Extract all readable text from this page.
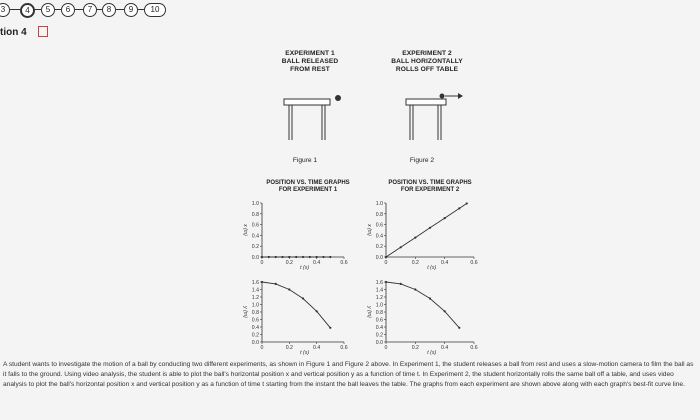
3	4	5	6	7	8	9	10
tion 4
EXPERIMENT 1
BALL RELEASED
FROM REST
EXPERIMENT 2
BALL HORIZONTALLY
ROLLS OFF TABLE
Figure 1	Figure 2
POSITION VS. TIME GRAPHS
FOR EXPERIMENT 1
POSITION VS. TIME GRAPHS
FOR EXPERIMENT 2
0.0
0.2
0.4
0.6
0.8
1.0
0	0.2	0.4	0.6
t (s)
x (m)
0.0
0.2
0.4
0.6
0.8
1.0
0	0.2	0.4	0.6
t (s)
x (m)
0.0
0.2
0.4
0.6
0.8
1.0
1.2
1.4
1.6
0	0.2	0.4	0.6
t (s)
y (m)
0.0
0.2
0.4
0.6
0.8
1.0
1.2
1.4
1.6
0	0.2	0.4	0.6
t (s)
y (m)
A student wants to investigate the motion of a ball by conducting two different experiments, as shown in Figure 1 and Figure 2 above. In Experiment 1, the student releases a ball from rest and uses a slow-motion camera to film the ball as it falls to the ground. Using video analysis, the student is able to plot the ball's horizontal position x and vertical position y as a function of time t. In Experiment 2, the student horizontally rolls the same ball off a table, and uses video analysis to plot the ball's horizontal position x and vertical position y as a function of time t starting from the instant the ball leaves the table. The graphs from each experiment are shown above along with each graph's best-fit curve line.
